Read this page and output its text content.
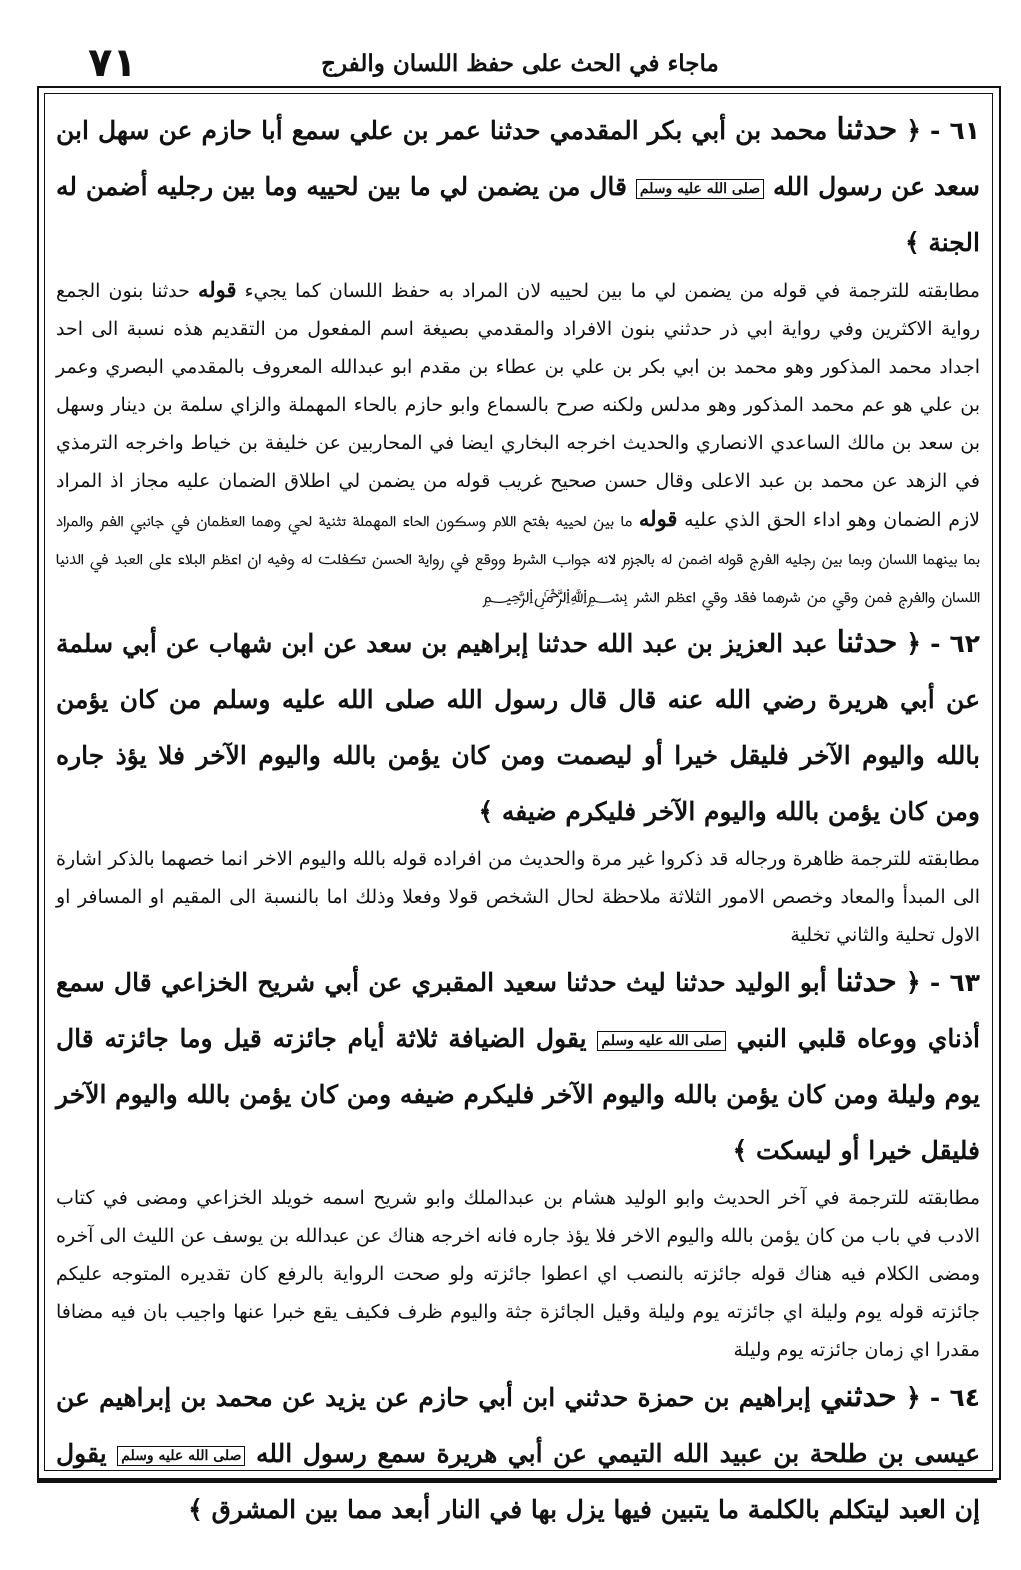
٧١	ماجاء في الحث على حفظ اللسان والفرج

٦١ - ﴿ حدثنا محمد بن أبي بكر المقدمي حدثنا عمر بن علي سمع أبا حازم عن سهل ابن سعد عن رسول الله صلى الله عليه وسلم قال من يضمن لي ما بين لحييه وما بين رجليه أضمن له الجنة ﴾

مطابقته للترجمة في قوله من يضمن لي ما بين لحييه لان المراد به حفظ اللسان كما يجيء قوله حدثنا بنون الجمع رواية الاكثرين وفي رواية ابي ذر حدثني بنون الافراد والمقدمي بصيغة اسم المفعول من التقديم هذه نسبة الى احد اجداد محمد المذكور وهو محمد بن ابي بكر بن علي بن عطاء بن مقدم ابو عبدالله المعروف بالمقدمي البصري وعمر بن علي هو عم محمد المذكور وهو مدلس ولكنه صرح بالسماع وابو حازم بالحاء المهملة والزاي سلمة بن دينار وسهل بن سعد بن مالك الساعدي الانصاري والحديث اخرجه البخاري ايضا في المحاربين عن خليفة بن خياط واخرجه الترمذي في الزهد عن محمد بن عبد الاعلى وقال حسن صحيح غريب قوله من يضمن لي اطلاق الضمان عليه مجاز اذ المراد لازم الضمان وهو اداء الحق الذي عليه قوله ما بين لحييه بفتح اللام وسكون الحاء المهملة تثنية لحي وهما العظمان في جانبي الفم والمراد بما بينهما اللسان وبما بين رجليه الفرج قوله اضمن له بالجزم لانه جواب الشرط ووقع في رواية الحسن تكفلت له وفيه ان اعظم البلاء على العبد في الدنيا اللسان والفرج فمن وقي من شرهما فقد وقي اعظم الشر ﷽

٦٢ - ﴿ حدثنا عبد العزيز بن عبد الله حدثنا إبراهيم بن سعد عن ابن شهاب عن أبي سلمة عن أبي هريرة رضي الله عنه قال قال رسول الله صلى الله عليه وسلم من كان يؤمن بالله واليوم الآخر فليقل خيرا أو ليصمت ومن كان يؤمن بالله واليوم الآخر فلا يؤذ جاره ومن كان يؤمن بالله واليوم الآخر فليكرم ضيفه ﴾

مطابقته للترجمة ظاهرة ورجاله قد ذكروا غير مرة والحديث من افراده قوله بالله واليوم الاخر انما خصهما بالذكر اشارة الى المبدأ والمعاد وخصص الامور الثلاثة ملاحظة لحال الشخص قولا وفعلا وذلك اما بالنسبة الى المقيم او المسافر او الاول تحلية والثاني تخلية

٦٣ - ﴿ حدثنا أبو الوليد حدثنا ليث حدثنا سعيد المقبري عن أبي شريح الخزاعي قال سمع أذناي ووعاه قلبي النبي صلى الله عليه وسلم يقول الضيافة ثلاثة أيام جائزته قيل وما جائزته قال يوم وليلة ومن كان يؤمن بالله واليوم الآخر فليكرم ضيفه ومن كان يؤمن بالله واليوم الآخر فليقل خيرا أو ليسكت ﴾

مطابقته للترجمة في آخر الحديث وابو الوليد هشام بن عبدالملك وابو شريح اسمه خويلد الخزاعي ومضى في كتاب الادب في باب من كان يؤمن بالله واليوم الاخر فلا يؤذ جاره فانه اخرجه هناك عن عبدالله بن يوسف عن الليث الى آخره ومضى الكلام فيه هناك قوله جائزته بالنصب اي اعطوا جائزته ولو صحت الرواية بالرفع كان تقديره المتوجه عليكم جائزته قوله يوم وليلة اي جائزته يوم وليلة وقيل الجائزة جثة واليوم ظرف فكيف يقع خبرا عنها واجيب بان فيه مضافا مقدرا اي زمان جائزته يوم وليلة

٦٤ - ﴿ حدثني إبراهيم بن حمزة حدثني ابن أبي حازم عن يزيد عن محمد بن إبراهيم عن عيسى بن طلحة بن عبيد الله التيمي عن أبي هريرة سمع رسول الله صلى الله عليه وسلم يقول إن العبد ليتكلم بالكلمة ما يتبين فيها يزل بها في النار أبعد مما بين المشرق ﴾
